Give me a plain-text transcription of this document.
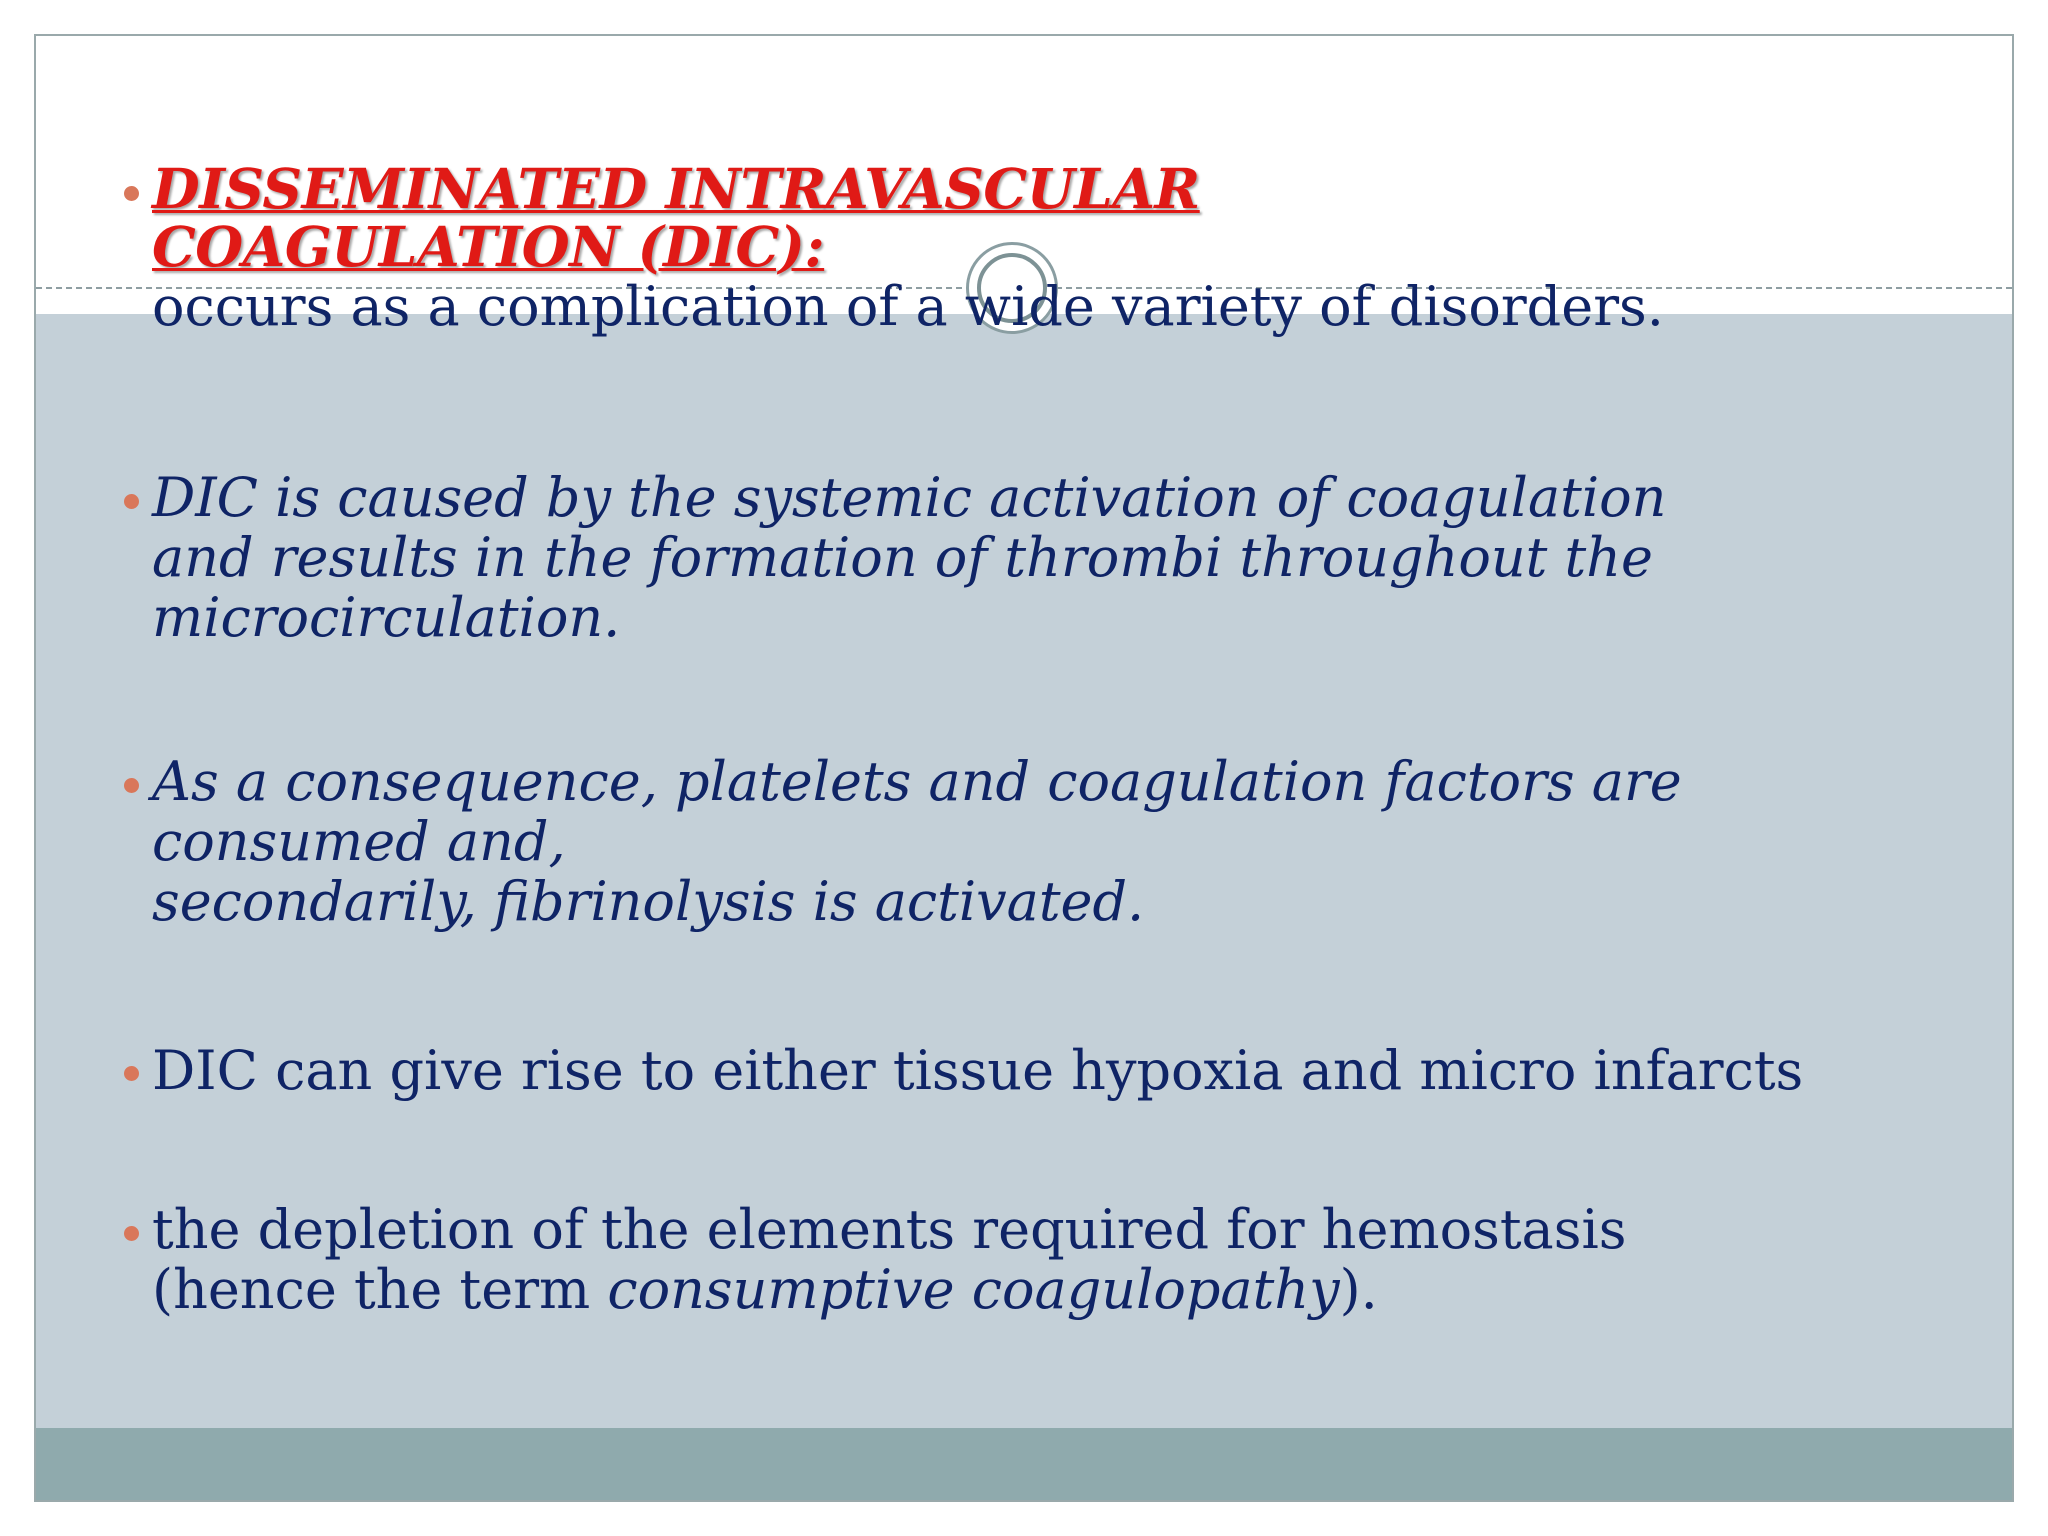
DISSEMINATED INTRAVASCULAR
COAGULATION (DIC):
occurs as a complication of a wide variety of disorders.
DIC is caused by the systemic activation of coagulation
and results in the formation of thrombi throughout the
microcirculation.
As a consequence, platelets and coagulation factors are
consumed and,
secondarily, fibrinolysis is activated.
DIC can give rise to either tissue hypoxia and micro infarcts
the depletion of the elements required for hemostasis
(hence the term consumptive coagulopathy).
